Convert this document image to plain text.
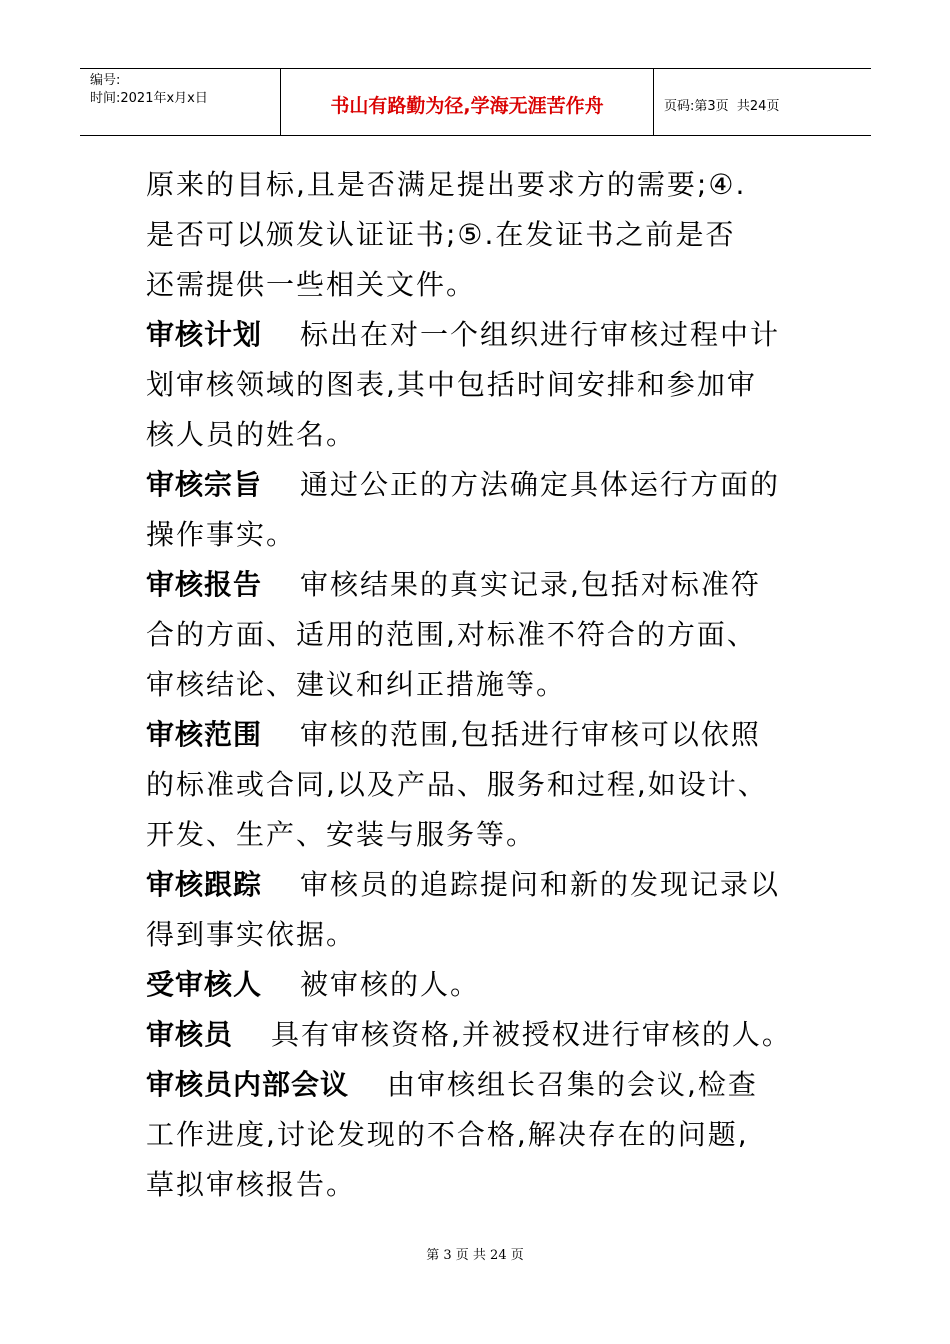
编号:
时间:2021年x月x日	书山有路勤为径,学海无涯苦作舟	页码:第3页  共24页
原来的目标,且是否满足提出要求方的需要;④.
是否可以颁发认证证书;⑤.在发证书之前是否
还需提供一些相关文件。
审核计划 标出在对一个组织进行审核过程中计
划审核领域的图表,其中包括时间安排和参加审
核人员的姓名。
审核宗旨 通过公正的方法确定具体运行方面的
操作事实。
审核报告 审核结果的真实记录,包括对标准符
合的方面、适用的范围,对标准不符合的方面、
审核结论、建议和纠正措施等。
审核范围 审核的范围,包括进行审核可以依照
的标准或合同,以及产品、服务和过程,如设计、
开发、生产、安装与服务等。
审核跟踪 审核员的追踪提问和新的发现记录以
得到事实依据。
受审核人 被审核的人。
审核员 具有审核资格,并被授权进行审核的人。
审核员内部会议 由审核组长召集的会议,检查
工作进度,讨论发现的不合格,解决存在的问题,
草拟审核报告。
第 3 页 共 24 页
